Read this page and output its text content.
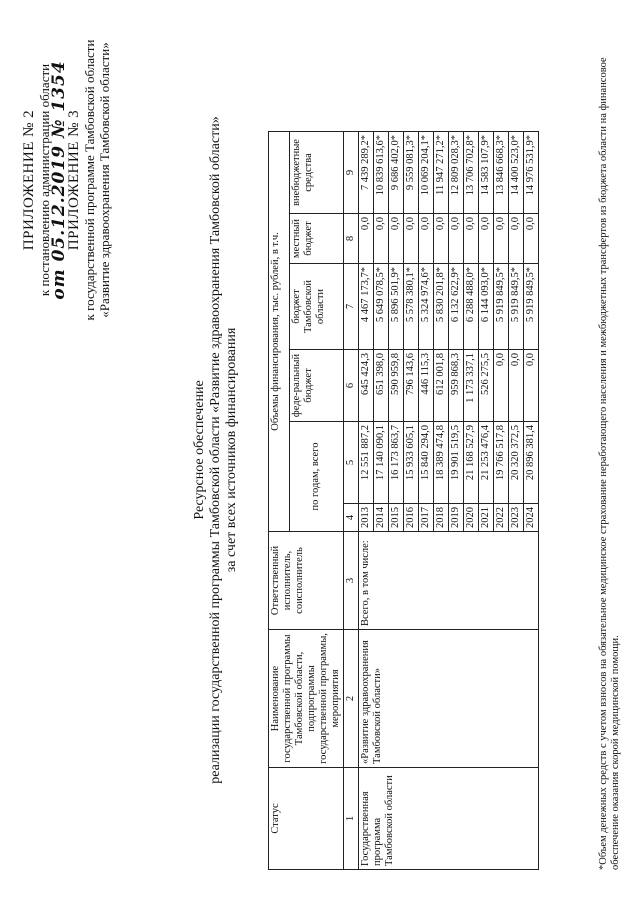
ПРИЛОЖЕНИЕ № 2 к постановлению администрации области
от 05.12.2019 № 1354
ПРИЛОЖЕНИЕ № 3 к государственной программе Тамбовской области «Развитие здравоохранения Тамбовской области»
Ресурсное обеспечение реализации государственной программы Тамбовской области «Развитие здравоохранения Тамбовской области» за счет всех источников финансирования
Статус	Наименование государственной программы Тамбовской области, подпрограммы государственной программы, мероприятия	Ответственный исполнитель, соисполнитель	Объемы финансирования, тыс. рублей, в т.ч.					
			по годам, всего		феде-ральный бюджет	бюджет Тамбовской области	местный бюджет	внебюджетные средства
1	2	3	4	5	6	7	8	9
Государственная программа Тамбовской области	«Развитие здравоохранения Тамбовской области»	Всего, в том числе:	2013	12 551 887,2	645 424,3	4 467 173,7*	0,0	7 439 289,2*
			2014	17 140 090,1	651 398,0	5 649 078,5*	0,0	10 839 613,6*
			2015	16 173 863,7	590 959,8	5 896 501,9*	0,0	9 686 402,0*
			2016	15 933 605,1	796 143,6	5 578 380,1*	0,0	9 559 081,3*
			2017	15 840 294,0	446 115,3	5 324 974,6*	0,0	10 069 204,1*
			2018	18 389 474,8	612 001,8	5 830 201,8*	0,0	11 947 271,2*
			2019	19 901 519,5	959 868,3	6 132 622,9*	0,0	12 809 028,3*
			2020	21 168 527,9	1 173 337,1	6 288 488,0*	0,0	13 706 702,8*
			2021	21 253 476,4	526 275,5	6 144 093,0*	0,0	14 583 107,9*
			2022	19 766 517,8	0,0	5 919 849,5*	0,0	13 846 668,3*
			2023	20 320 372,5	0,0	5 919 849,5*	0,0	14 400 523,0*
			2024	20 896 381,4	0,0	5 919 849,5*	0,0	14 976 531,9*	*Объем денежных средств с учетом взносов на обязательное медицинское страхование неработающего населения и межбюджетных трансфертов из бюджета области на финансовое обеспечение оказания скорой медицинской помощи.
